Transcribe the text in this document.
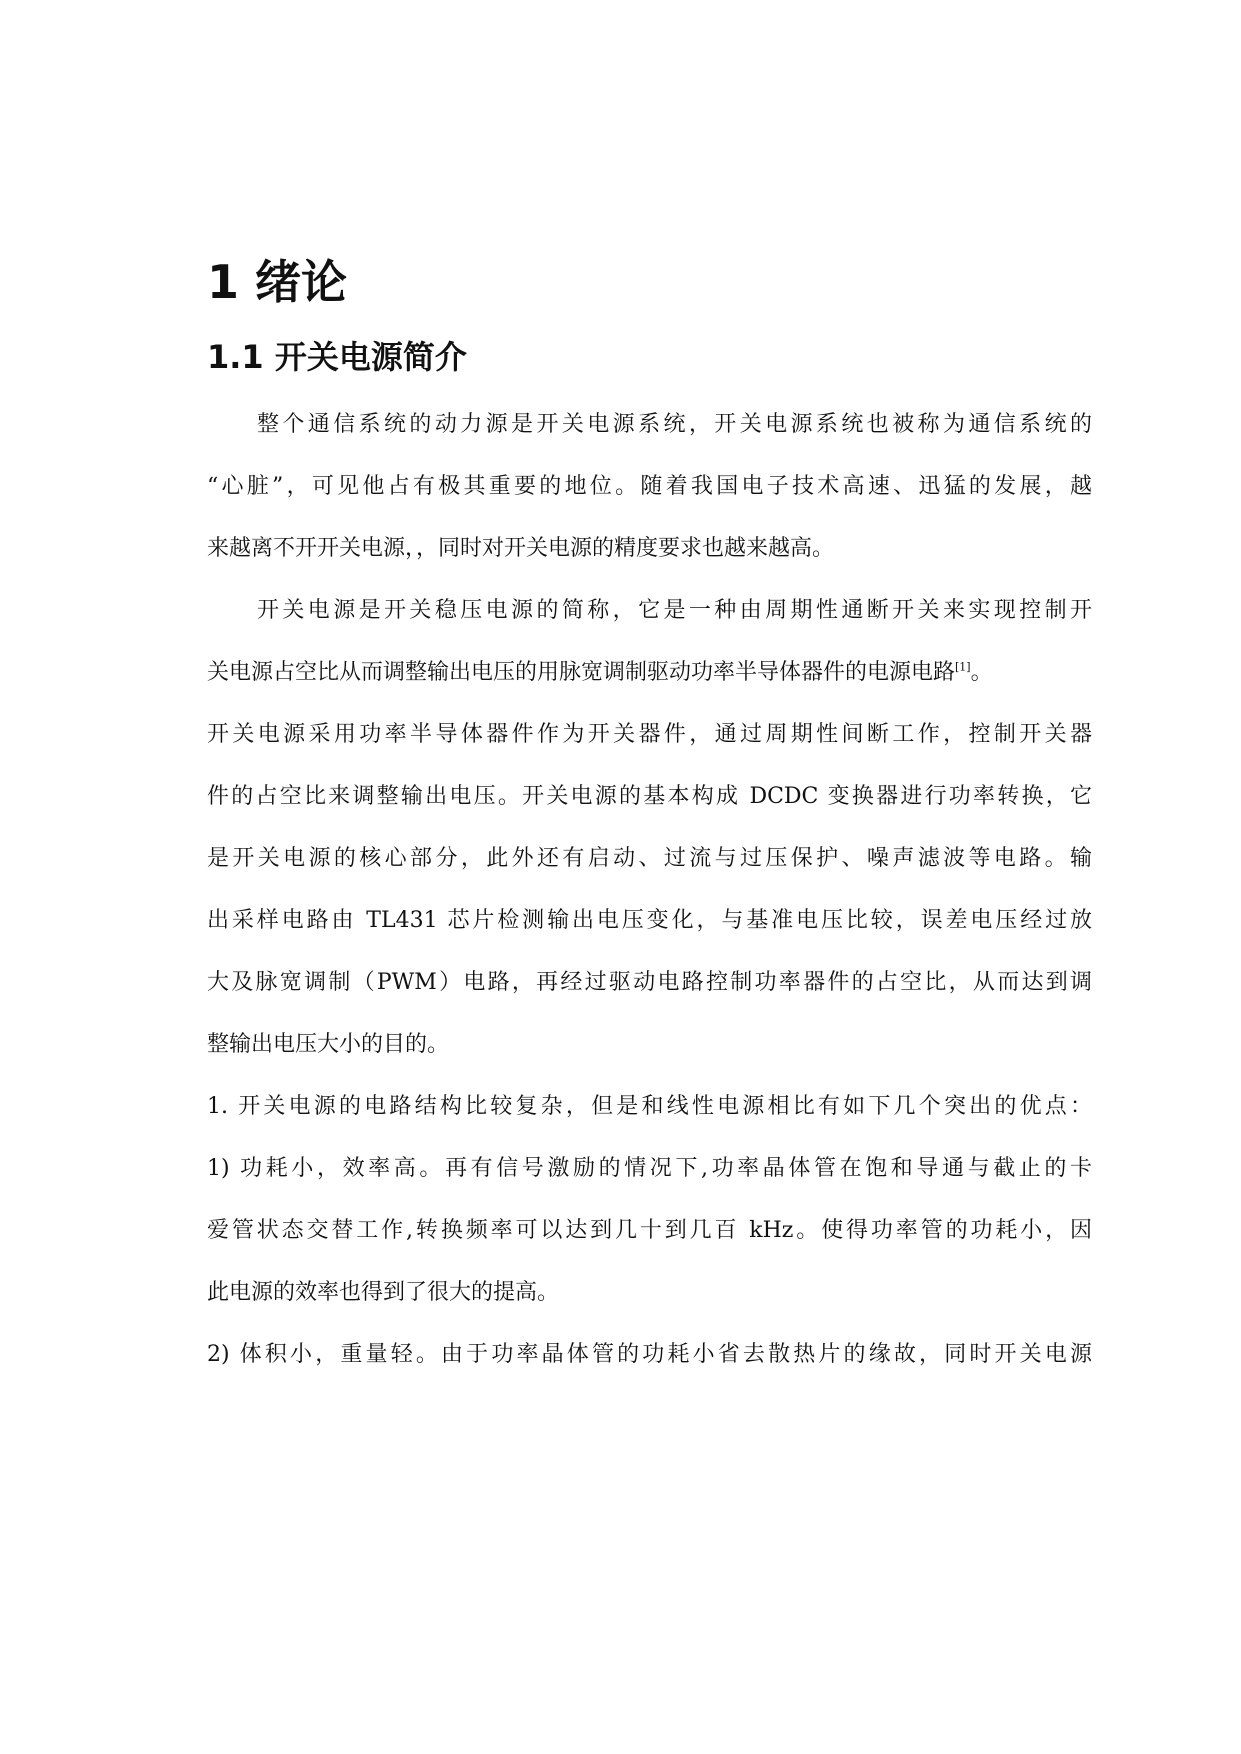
1 绪论
1.1 开关电源简介
整个通信系统的动力源是开关电源系统，开关电源系统也被称为通信系统的
“心脏”，可见他占有极其重要的地位。随着我国电子技术高速、迅猛的发展，越
来越离不开开关电源，，同时对开关电源的精度要求也越来越高。
开关电源是开关稳压电源的简称，它是一种由周期性通断开关来实现控制开
关电源占空比从而调整输出电压的用脉宽调制驱动功率半导体器件的电源电路[1]。
开关电源采用功率半导体器件作为开关器件，通过周期性间断工作，控制开关器
件的占空比来调整输出电压。开关电源的基本构成 DCDC 变换器进行功率转换，它
是开关电源的核心部分，此外还有启动、过流与过压保护、噪声滤波等电路。输
出采样电路由 TL431 芯片检测输出电压变化，与基准电压比较，误差电压经过放
大及脉宽调制（PWM）电路，再经过驱动电路控制功率器件的占空比，从而达到调
整输出电压大小的目的。
1. 开关电源的电路结构比较复杂，但是和线性电源相比有如下几个突出的优点：
1) 功耗小，效率高。再有信号激励的情况下,功率晶体管在饱和导通与截止的卡
爱管状态交替工作,转换频率可以达到几十到几百 kHz。使得功率管的功耗小，因
此电源的效率也得到了很大的提高。
2) 体积小，重量轻。由于功率晶体管的功耗小省去散热片的缘故，同时开关电源
